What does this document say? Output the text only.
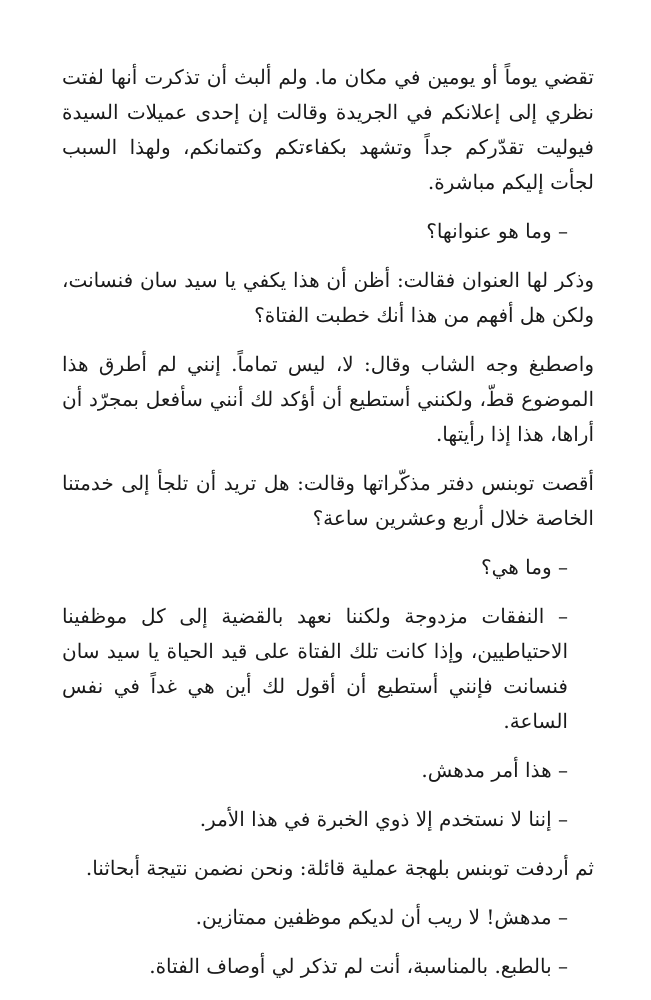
تقضي يوماً أو يومين في مكان ما. ولم ألبث أن تذكرت أنها لفتت نظري إلى إعلانكم في الجريدة وقالت إن إحدى عميلات السيدة فيوليت تقدّركم جداً وتشهد بكفاءتكم وكتمانكم، ولهذا السبب لجأت إليكم مباشرة.

– وما هو عنوانها؟

وذكر لها العنوان فقالت: أظن أن هذا يكفي يا سيد سان فنسانت، ولكن هل أفهم من هذا أنك خطبت الفتاة؟

واصطبغ وجه الشاب وقال: لا، ليس تماماً. إنني لم أطرق هذا الموضوع قطّ، ولكنني أستطيع أن أؤكد لك أنني سأفعل بمجرّد أن أراها، هذا إذا رأيتها.

أقصت توبنس دفتر مذكّراتها وقالت: هل تريد أن تلجأ إلى خدمتنا الخاصة خلال أربع وعشرين ساعة؟

– وما هي؟

– النفقات مزدوجة ولكننا نعهد بالقضية إلى كل موظفينا الاحتياطيين، وإذا كانت تلك الفتاة على قيد الحياة يا سيد سان فنسانت فإنني أستطيع أن أقول لك أين هي غداً في نفس الساعة.

– هذا أمر مدهش.

– إننا لا نستخدم إلا ذوي الخبرة في هذا الأمر.

ثم أردفت توبنس بلهجة عملية قائلة: ونحن نضمن نتيجة أبحاثنا.

– مدهش! لا ريب أن لديكم موظفين ممتازين.

– بالطبع. بالمناسبة، أنت لم تذكر لي أوصاف الفتاة.
